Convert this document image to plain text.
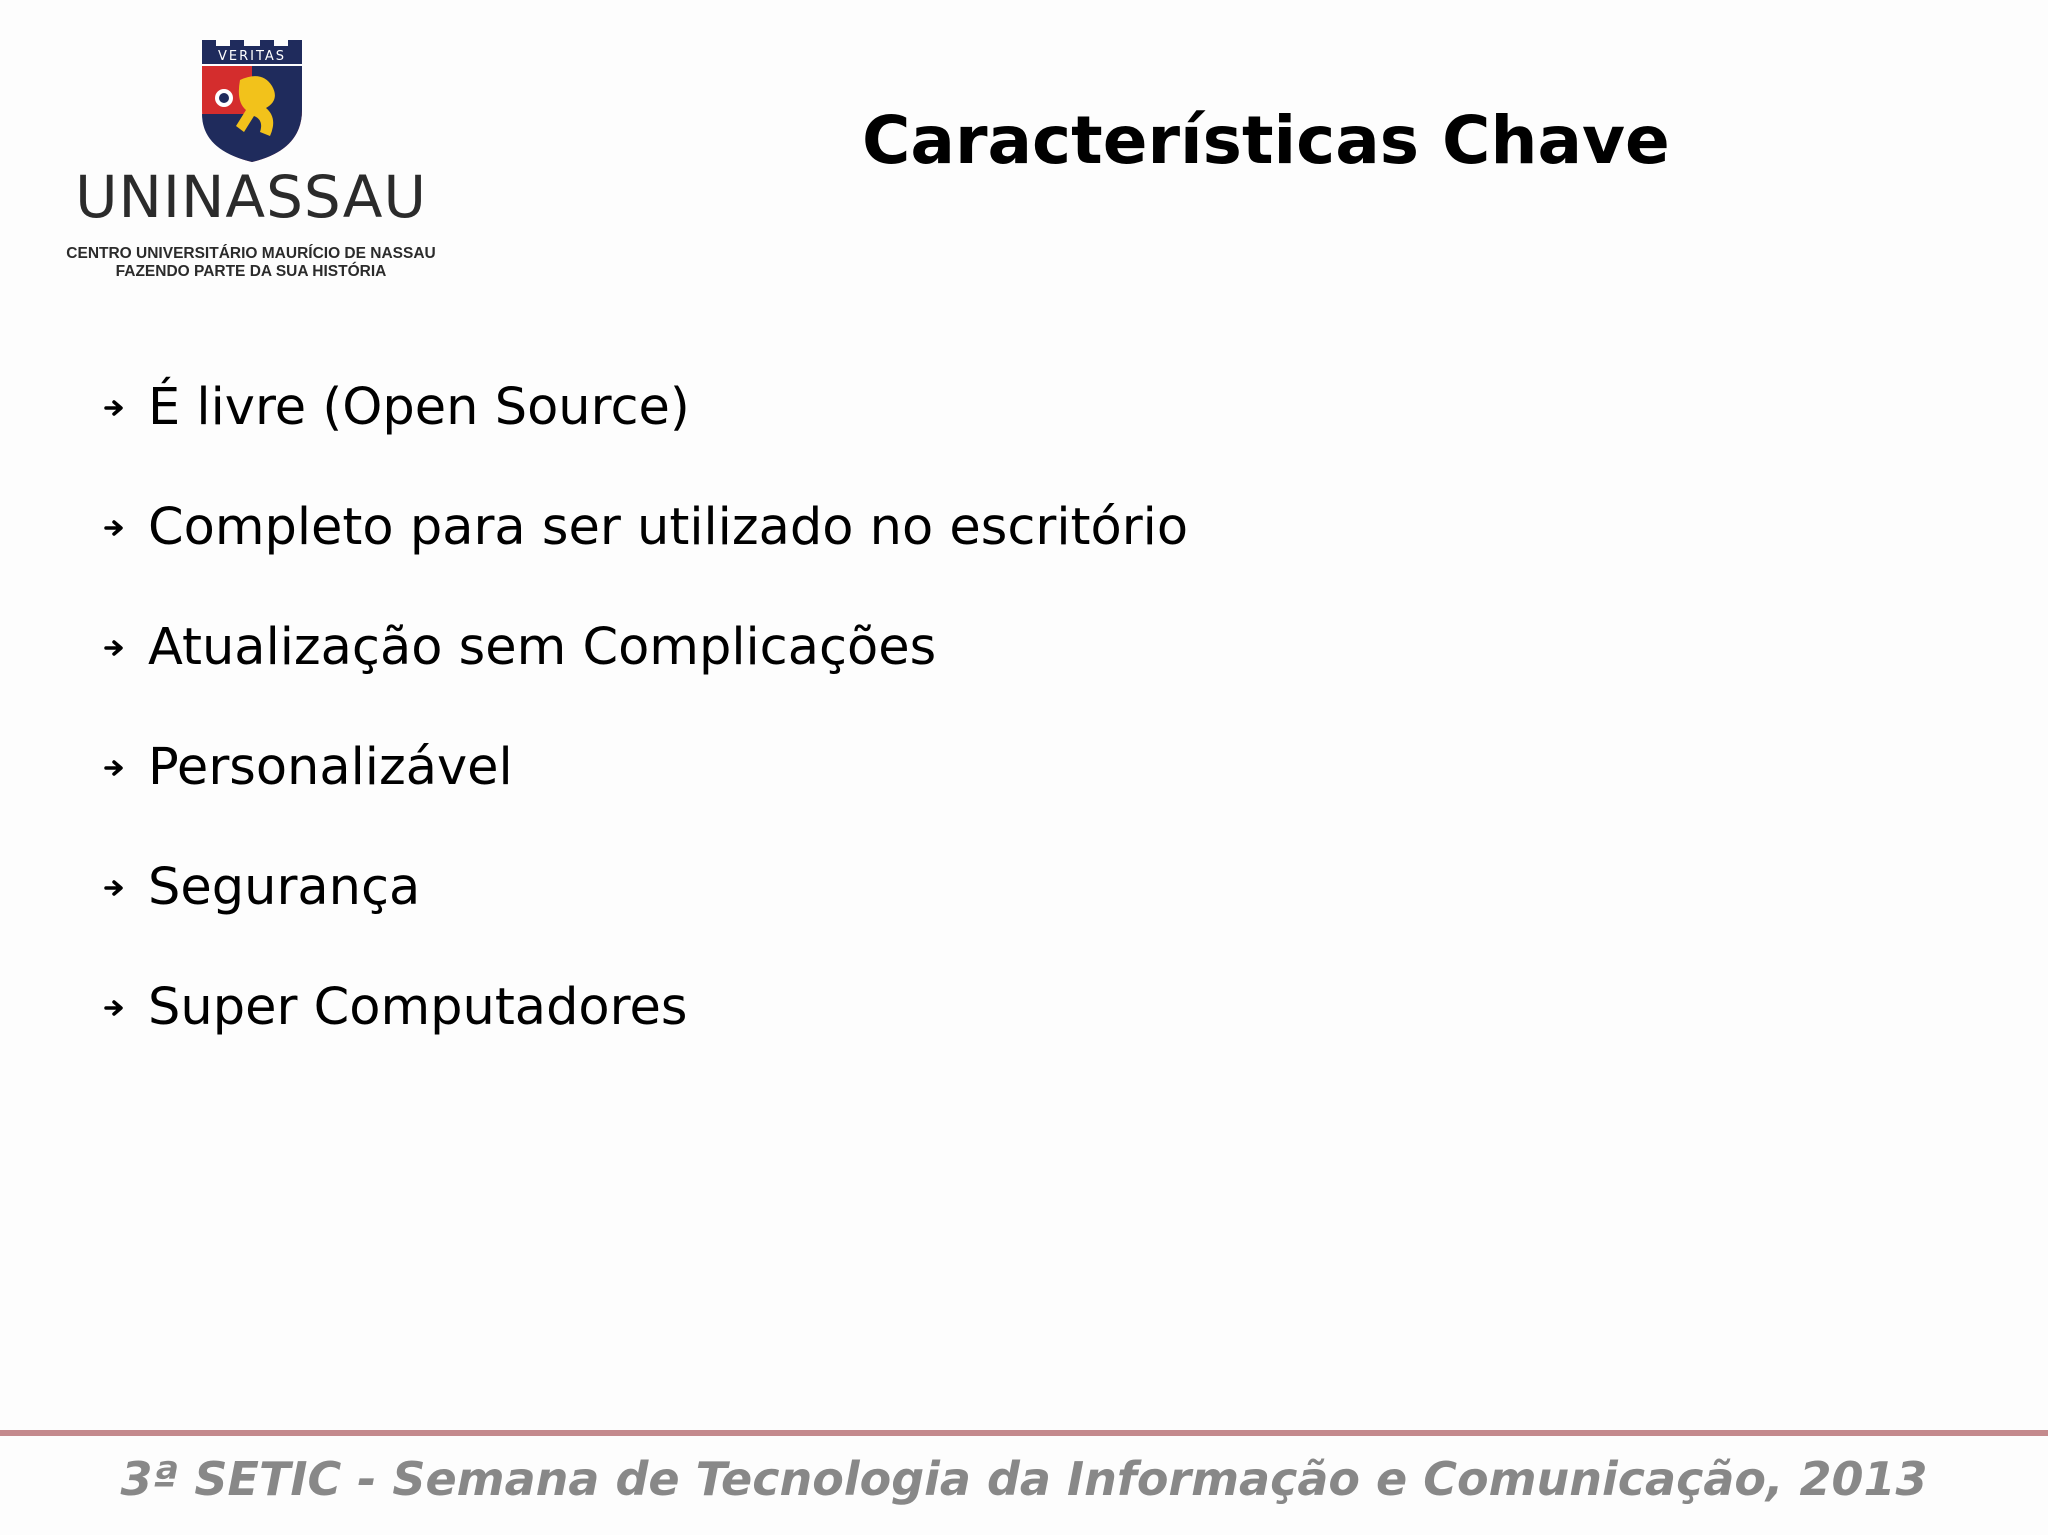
VERITAS
UNINASSAU
CENTRO UNIVERSITÁRIO MAURÍCIO DE NASSAU
FAZENDO PARTE DA SUA HISTÓRIA
Características Chave
É livre (Open Source)
Completo para ser utilizado no escritório
Atualização sem Complicações
Personalizável
Segurança
Super Computadores
3ª SETIC - Semana de Tecnologia da Informação e Comunicação, 2013
